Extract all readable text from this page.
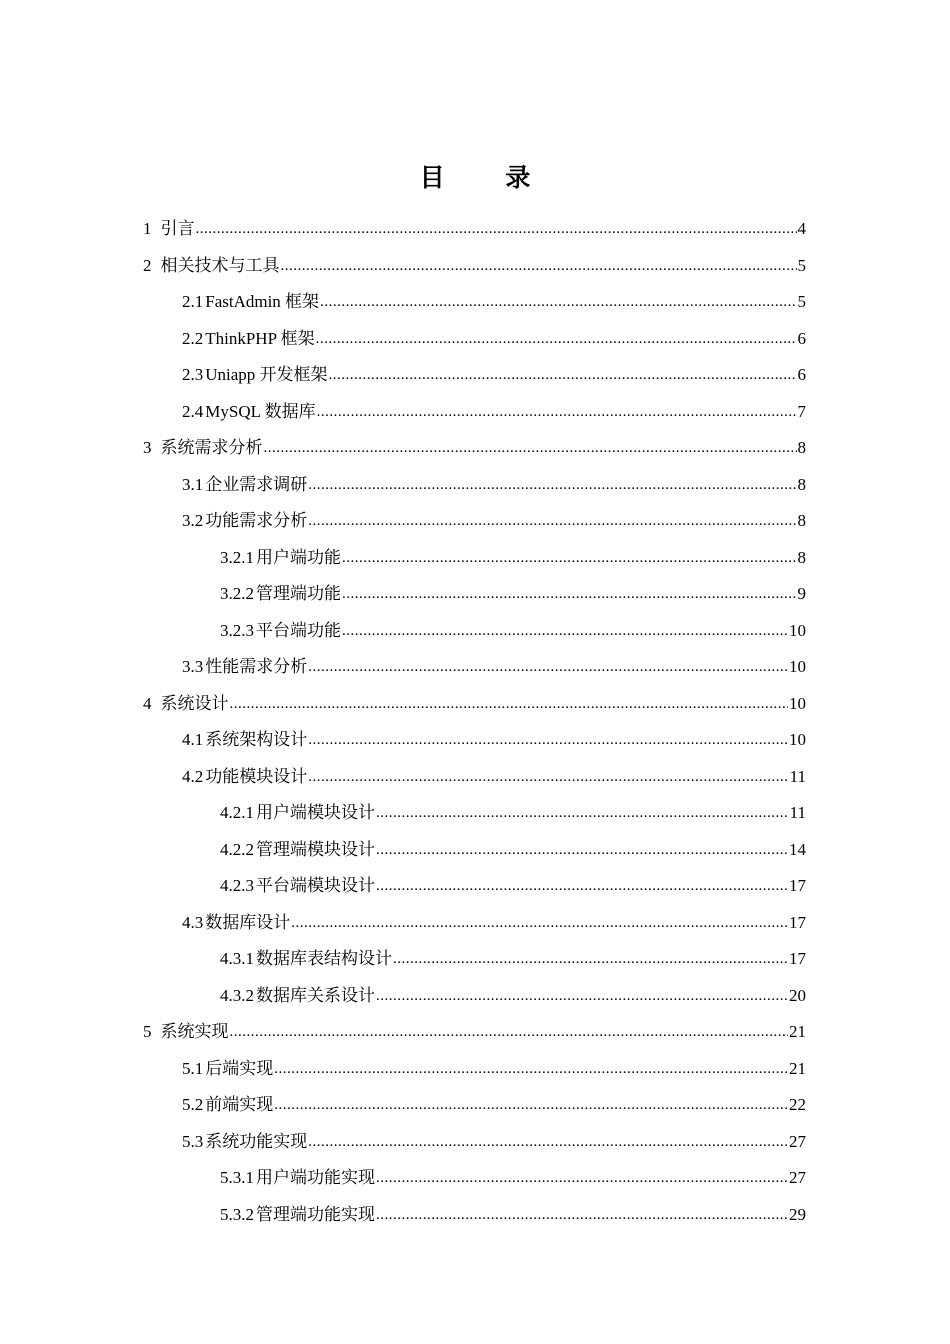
目 录
1 引言 .....	4
2 相关技术与工具 .....	5
2.1 FastAdmin 框架 .....	5
2.2 ThinkPHP 框架 .....	6
2.3 Uniapp 开发框架 .....	6
2.4 MySQL 数据库 .....	7
3 系统需求分析 .....	8
3.1 企业需求调研 .....	8
3.2 功能需求分析 .....	8
3.2.1 用户端功能 .....	8
3.2.2 管理端功能 .....	9
3.2.3 平台端功能 .....	10
3.3 性能需求分析 .....	10
4 系统设计 .....	10
4.1 系统架构设计 .....	10
4.2 功能模块设计 .....	11
4.2.1 用户端模块设计 .....	11
4.2.2 管理端模块设计 .....	14
4.2.3 平台端模块设计 .....	17
4.3 数据库设计 .....	17
4.3.1 数据库表结构设计 .....	17
4.3.2 数据库关系设计 .....	20
5 系统实现 .....	21
5.1 后端实现 .....	21
5.2 前端实现 .....	22
5.3 系统功能实现 .....	27
5.3.1 用户端功能实现 .....	27
5.3.2 管理端功能实现 .....	29
